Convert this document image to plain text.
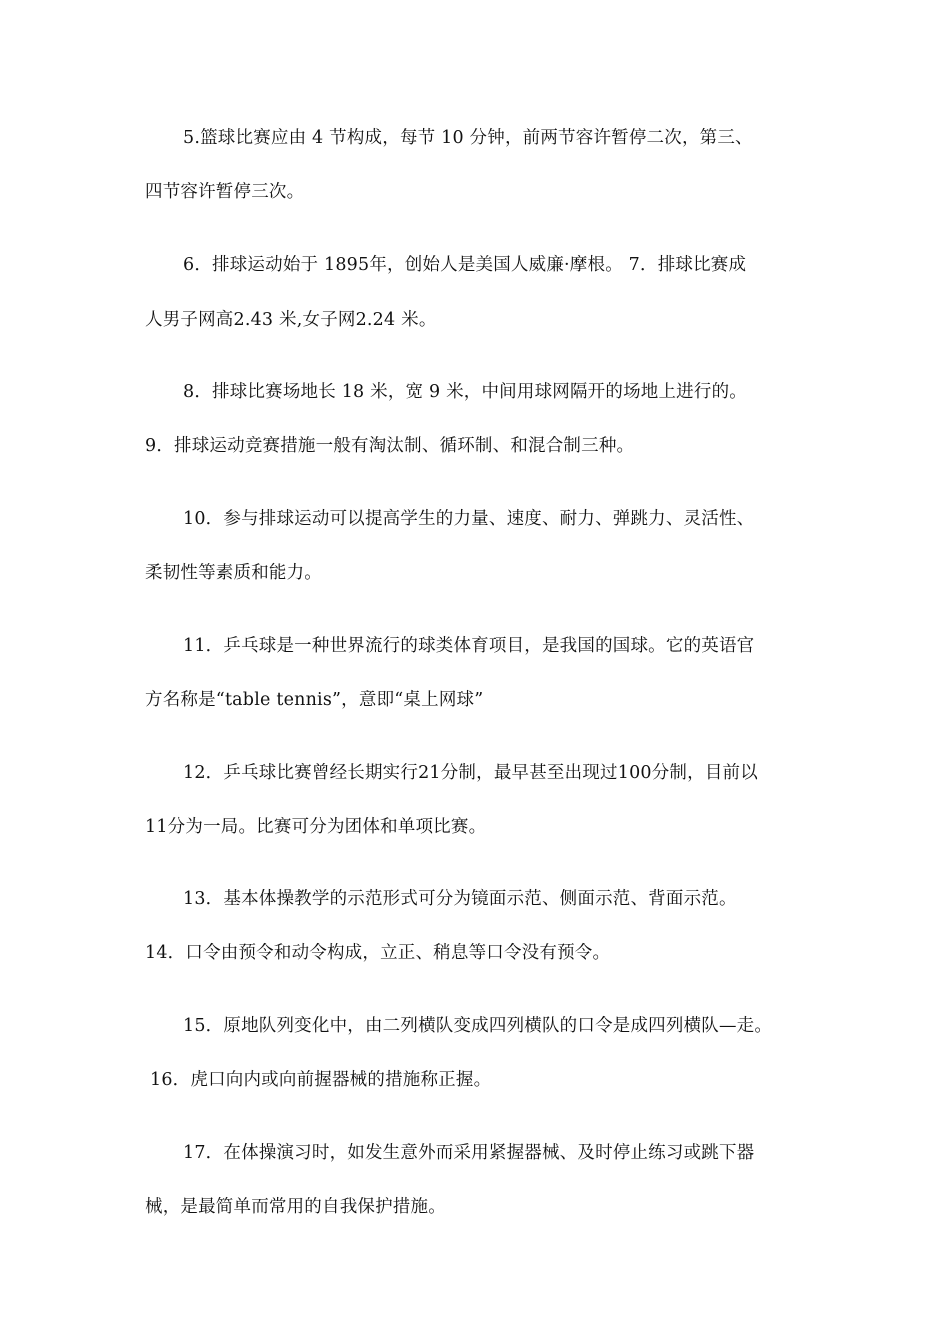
5.篮球比赛应由 4 节构成，每节 10 分钟，前两节容许暂停二次，第三、
四节容许暂停三次。
6．排球运动始于 1895年，创始人是美国人威廉·摩根。 7．排球比赛成
人男子网高2.43 米,女子网2.24 米。
8．排球比赛场地长 18 米，宽 9 米，中间用球网隔开的场地上进行的。
9．排球运动竞赛措施一般有淘汰制、循环制、和混合制三种。
10．参与排球运动可以提高学生的力量、速度、耐力、弹跳力、灵活性、
柔韧性等素质和能力。
11．乒乓球是一种世界流行的球类体育项目，是我国的国球。它的英语官
方名称是“table tennis”，意即“桌上网球”
12．乒乓球比赛曾经长期实行21分制，最早甚至出现过100分制，目前以
11分为一局。比赛可分为团体和单项比赛。
13．基本体操教学的示范形式可分为镜面示范、侧面示范、背面示范。
14．口令由预令和动令构成，立正、稍息等口令没有预令。
15．原地队列变化中，由二列横队变成四列横队的口令是成四列横队—走。
16．虎口向内或向前握器械的措施称正握。
17．在体操演习时，如发生意外而采用紧握器械、及时停止练习或跳下器
械，是最简单而常用的自我保护措施。
